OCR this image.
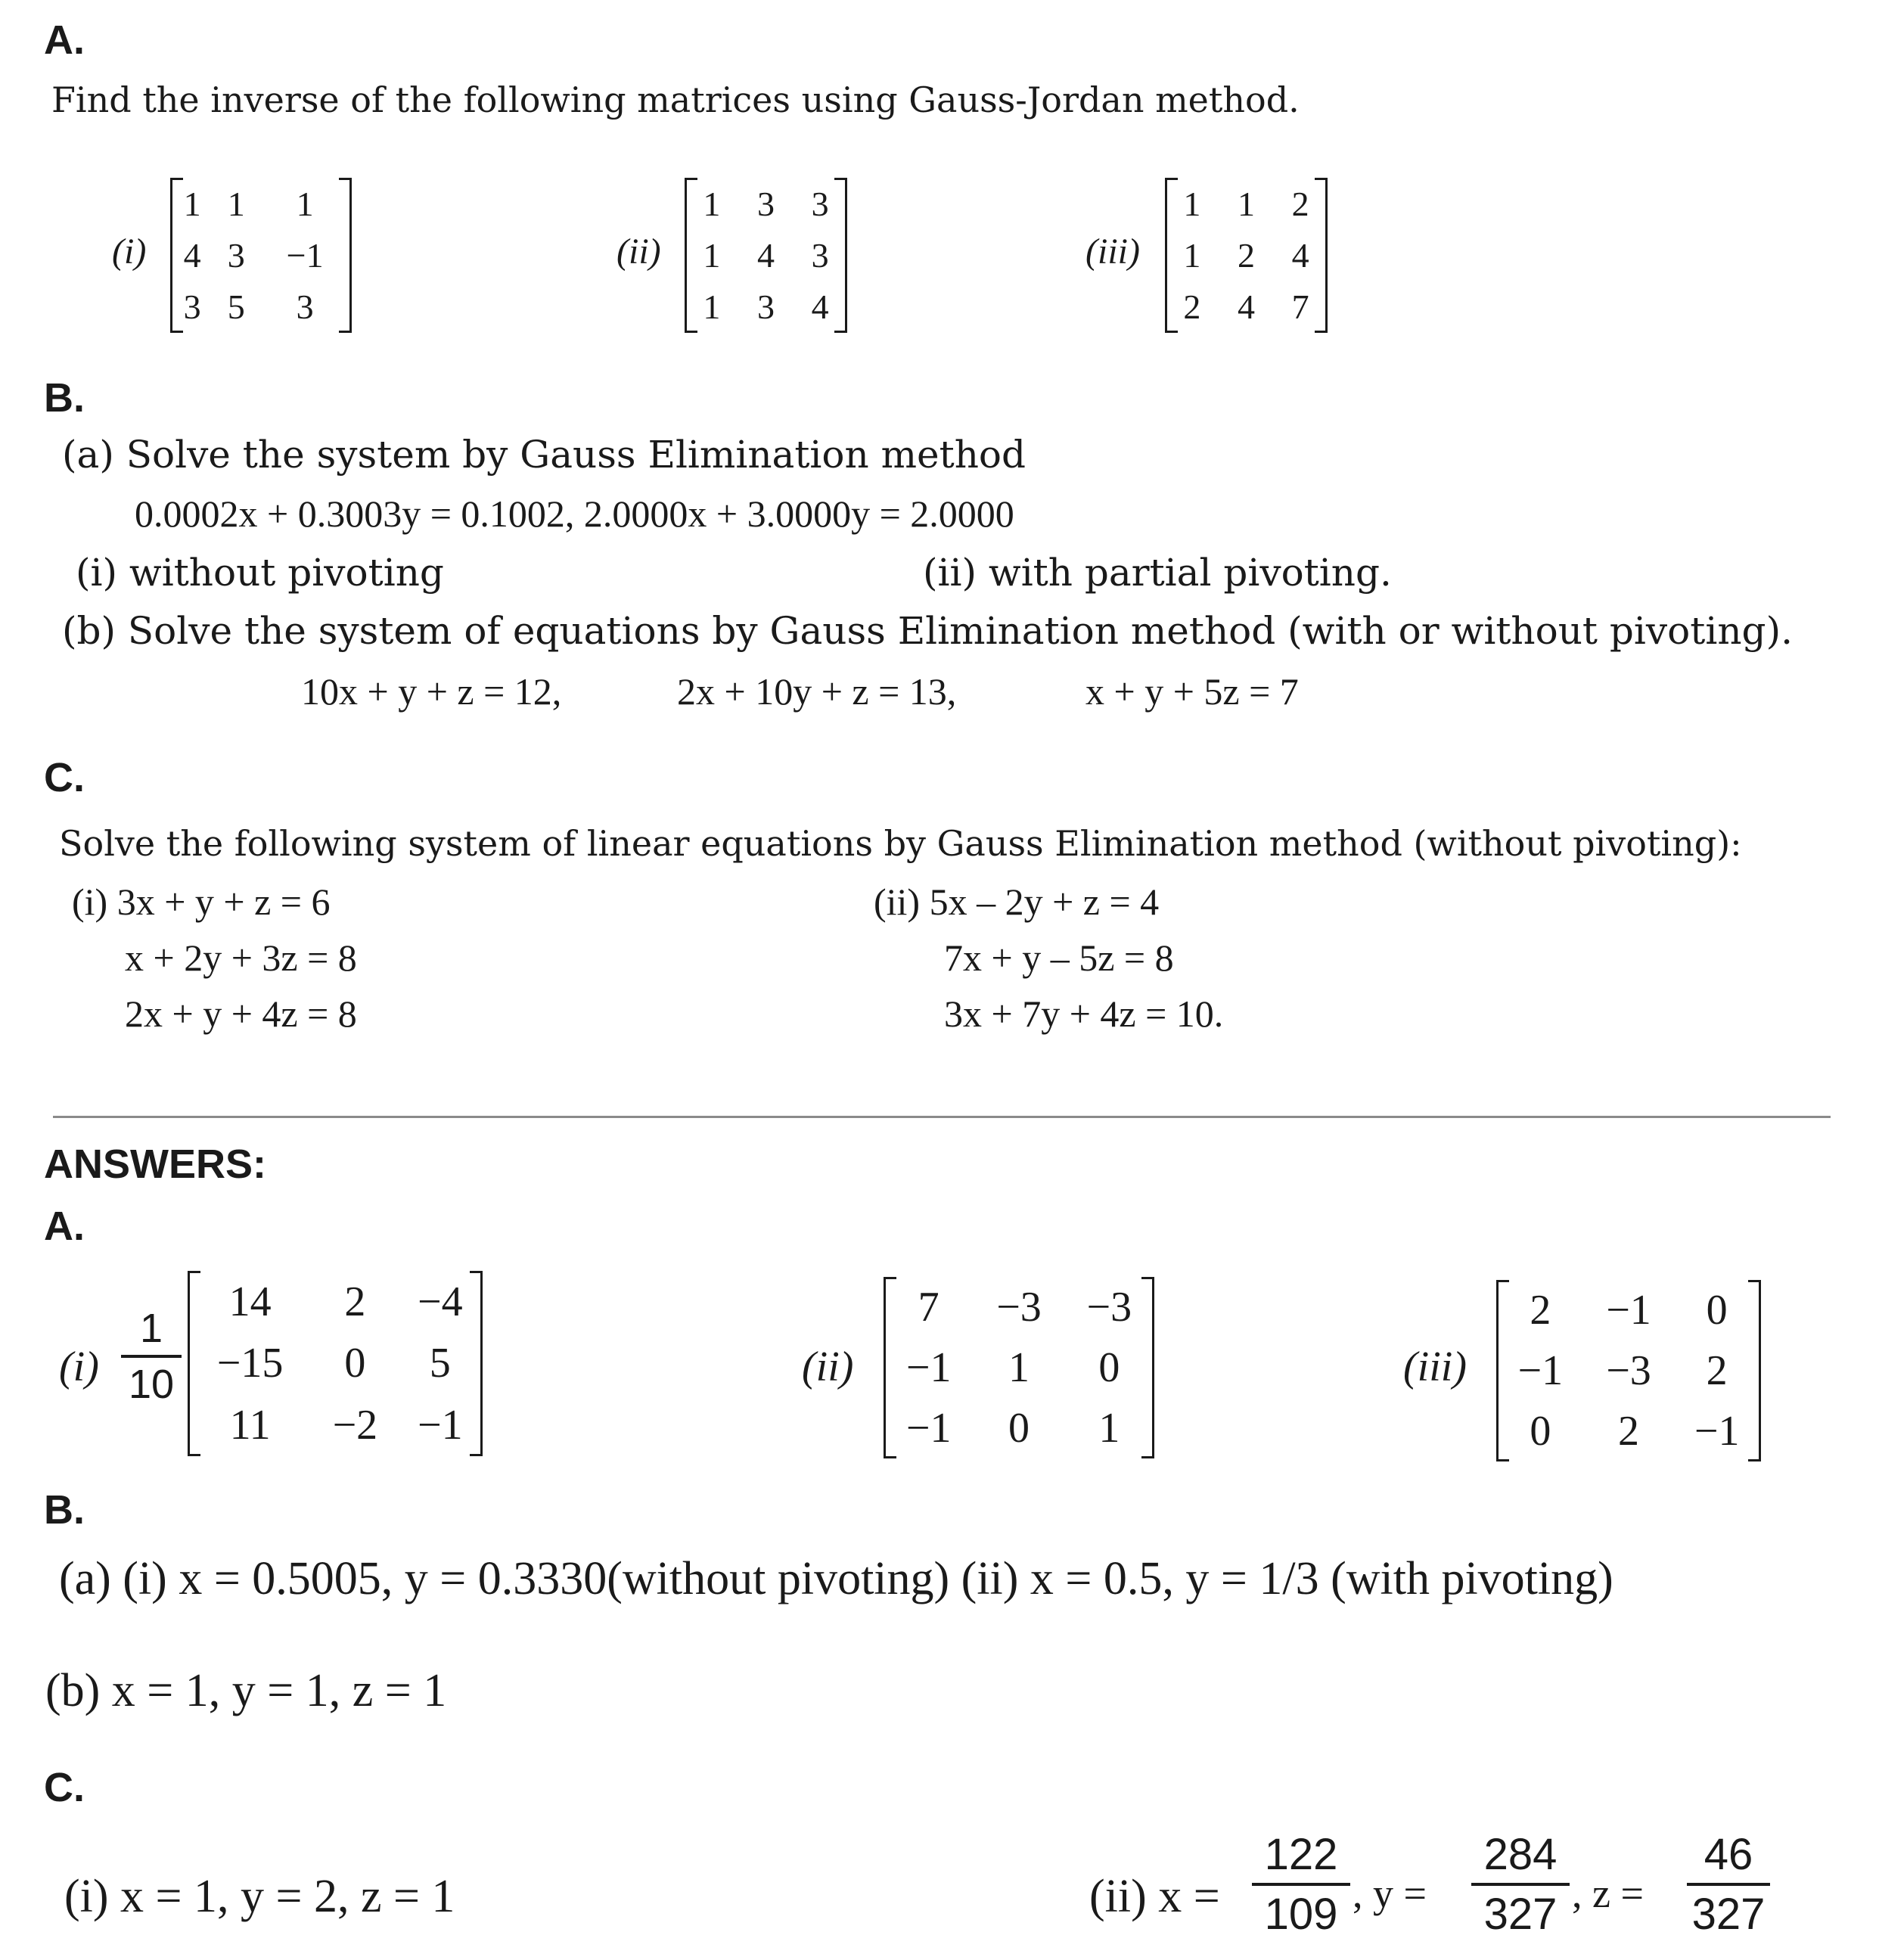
A.
Find the inverse of the following matrices using Gauss-Jordan method.
(i)
1	1	1
4	3	−1
3	5	3
(ii)
1	3	3
1	4	3
1	3	4
(iii)
1	1	2
1	2	4
2	4	7
B.
(a) Solve the system by Gauss Elimination method
0.0002x + 0.3003y = 0.1002, 2.0000x + 3.0000y = 2.0000
(i) without pivoting	(ii) with partial pivoting.
(b) Solve the system of equations by Gauss Elimination method (with or without pivoting).
10x + y + z = 12,	2x + 10y + z = 13,	x + y + 5z = 7
C.
Solve the following system of linear equations by Gauss Elimination method (without pivoting):
(i) 3x + y + z = 6
x + 2y + 3z = 8
2x + y + 4z = 8
(ii) 5x – 2y + z = 4
7x + y – 5z = 8
3x + 7y + 4z = 10.
ANSWERS:
A.
(i)
1
10
14	2	−4
−15	0	5
11	−2	−1
(ii)
7	−3	−3
−1	1	0
−1	0	1
(iii)
2	−1	0
−1	−3	2
0	2	−1
B.
(a) (i) x = 0.5005, y = 0.3330(without pivoting) (ii) x = 0.5, y = 1/3 (with pivoting)
(b) x = 1, y = 1, z = 1
C.
(i) x = 1, y = 2, z = 1	(ii) x =
122
109 , y =
284
327 , z =
46
327
